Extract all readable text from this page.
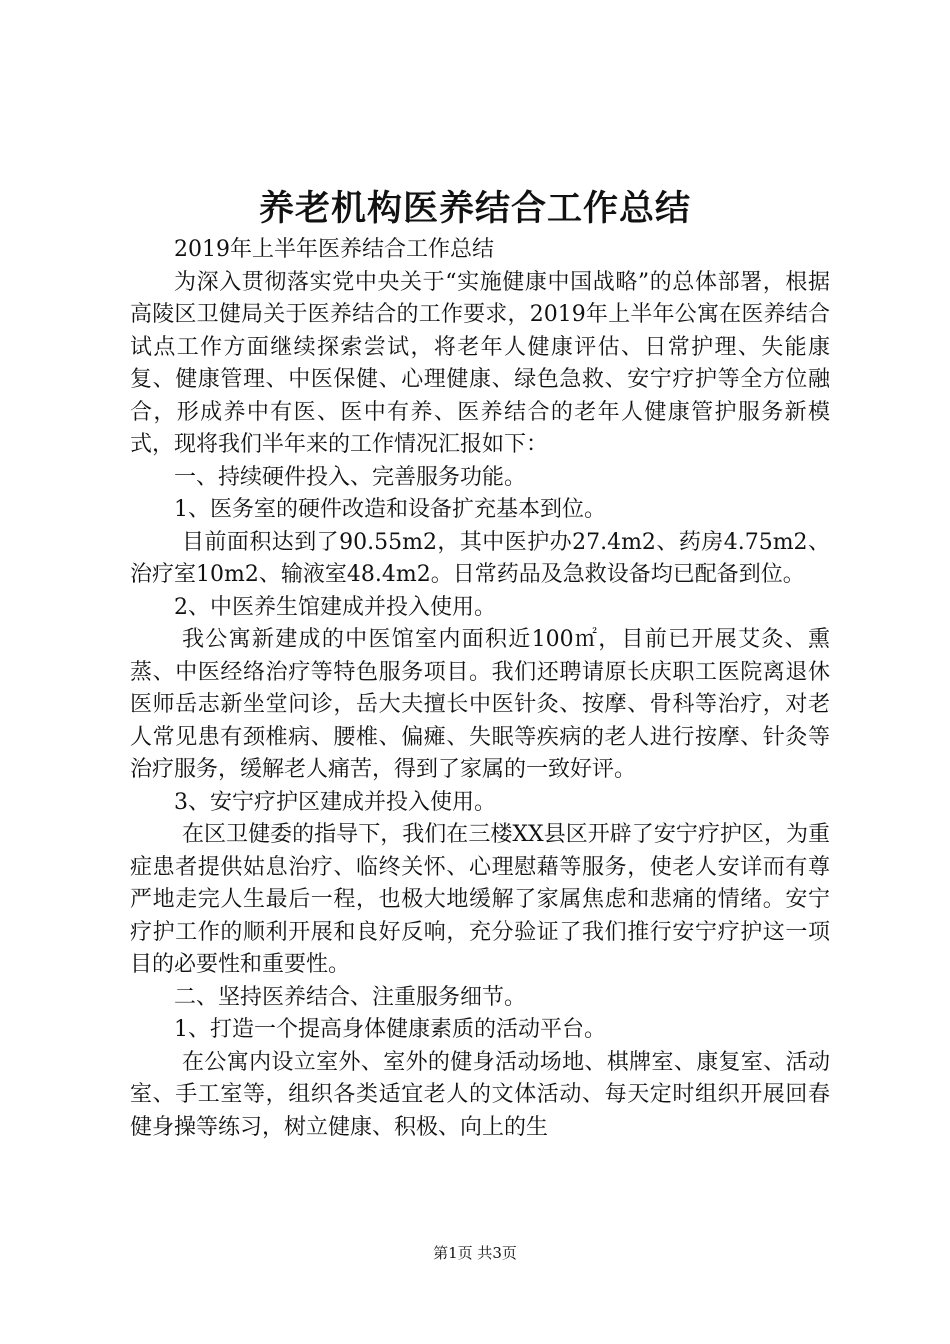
养老机构医养结合工作总结

2019年上半年医养结合工作总结

为深入贯彻落实党中央关于“实施健康中国战略”的总体部署，根据高陵区卫健局关于医养结合的工作要求，2019年上半年公寓在医养结合试点工作方面继续探索尝试，将老年人健康评估、日常护理、失能康复、健康管理、中医保健、心理健康、绿色急救、安宁疗护等全方位融合，形成养中有医、医中有养、医养结合的老年人健康管护服务新模式，现将我们半年来的工作情况汇报如下：

一、持续硬件投入、完善服务功能。

1、医务室的硬件改造和设备扩充基本到位。

目前面积达到了90.55m2，其中医护办27.4m2、药房4.75m2、治疗室10m2、输液室48.4m2。日常药品及急救设备均已配备到位。

2、中医养生馆建成并投入使用。

我公寓新建成的中医馆室内面积近100㎡，目前已开展艾灸、熏蒸、中医经络治疗等特色服务项目。我们还聘请原长庆职工医院离退休医师岳志新坐堂问诊，岳大夫擅长中医针灸、按摩、骨科等治疗，对老人常见患有颈椎病、腰椎、偏瘫、失眠等疾病的老人进行按摩、针灸等治疗服务，缓解老人痛苦，得到了家属的一致好评。

3、安宁疗护区建成并投入使用。

在区卫健委的指导下，我们在三楼XX县区开辟了安宁疗护区，为重症患者提供姑息治疗、临终关怀、心理慰藉等服务，使老人安详而有尊严地走完人生最后一程，也极大地缓解了家属焦虑和悲痛的情绪。安宁疗护工作的顺利开展和良好反响，充分验证了我们推行安宁疗护这一项目的必要性和重要性。

二、坚持医养结合、注重服务细节。

1、打造一个提高身体健康素质的活动平台。

在公寓内设立室外、室外的健身活动场地、棋牌室、康复室、活动室、手工室等，组织各类适宜老人的文体活动、每天定时组织开展回春健身操等练习，树立健康、积极、向上的生

第1页 共3页
